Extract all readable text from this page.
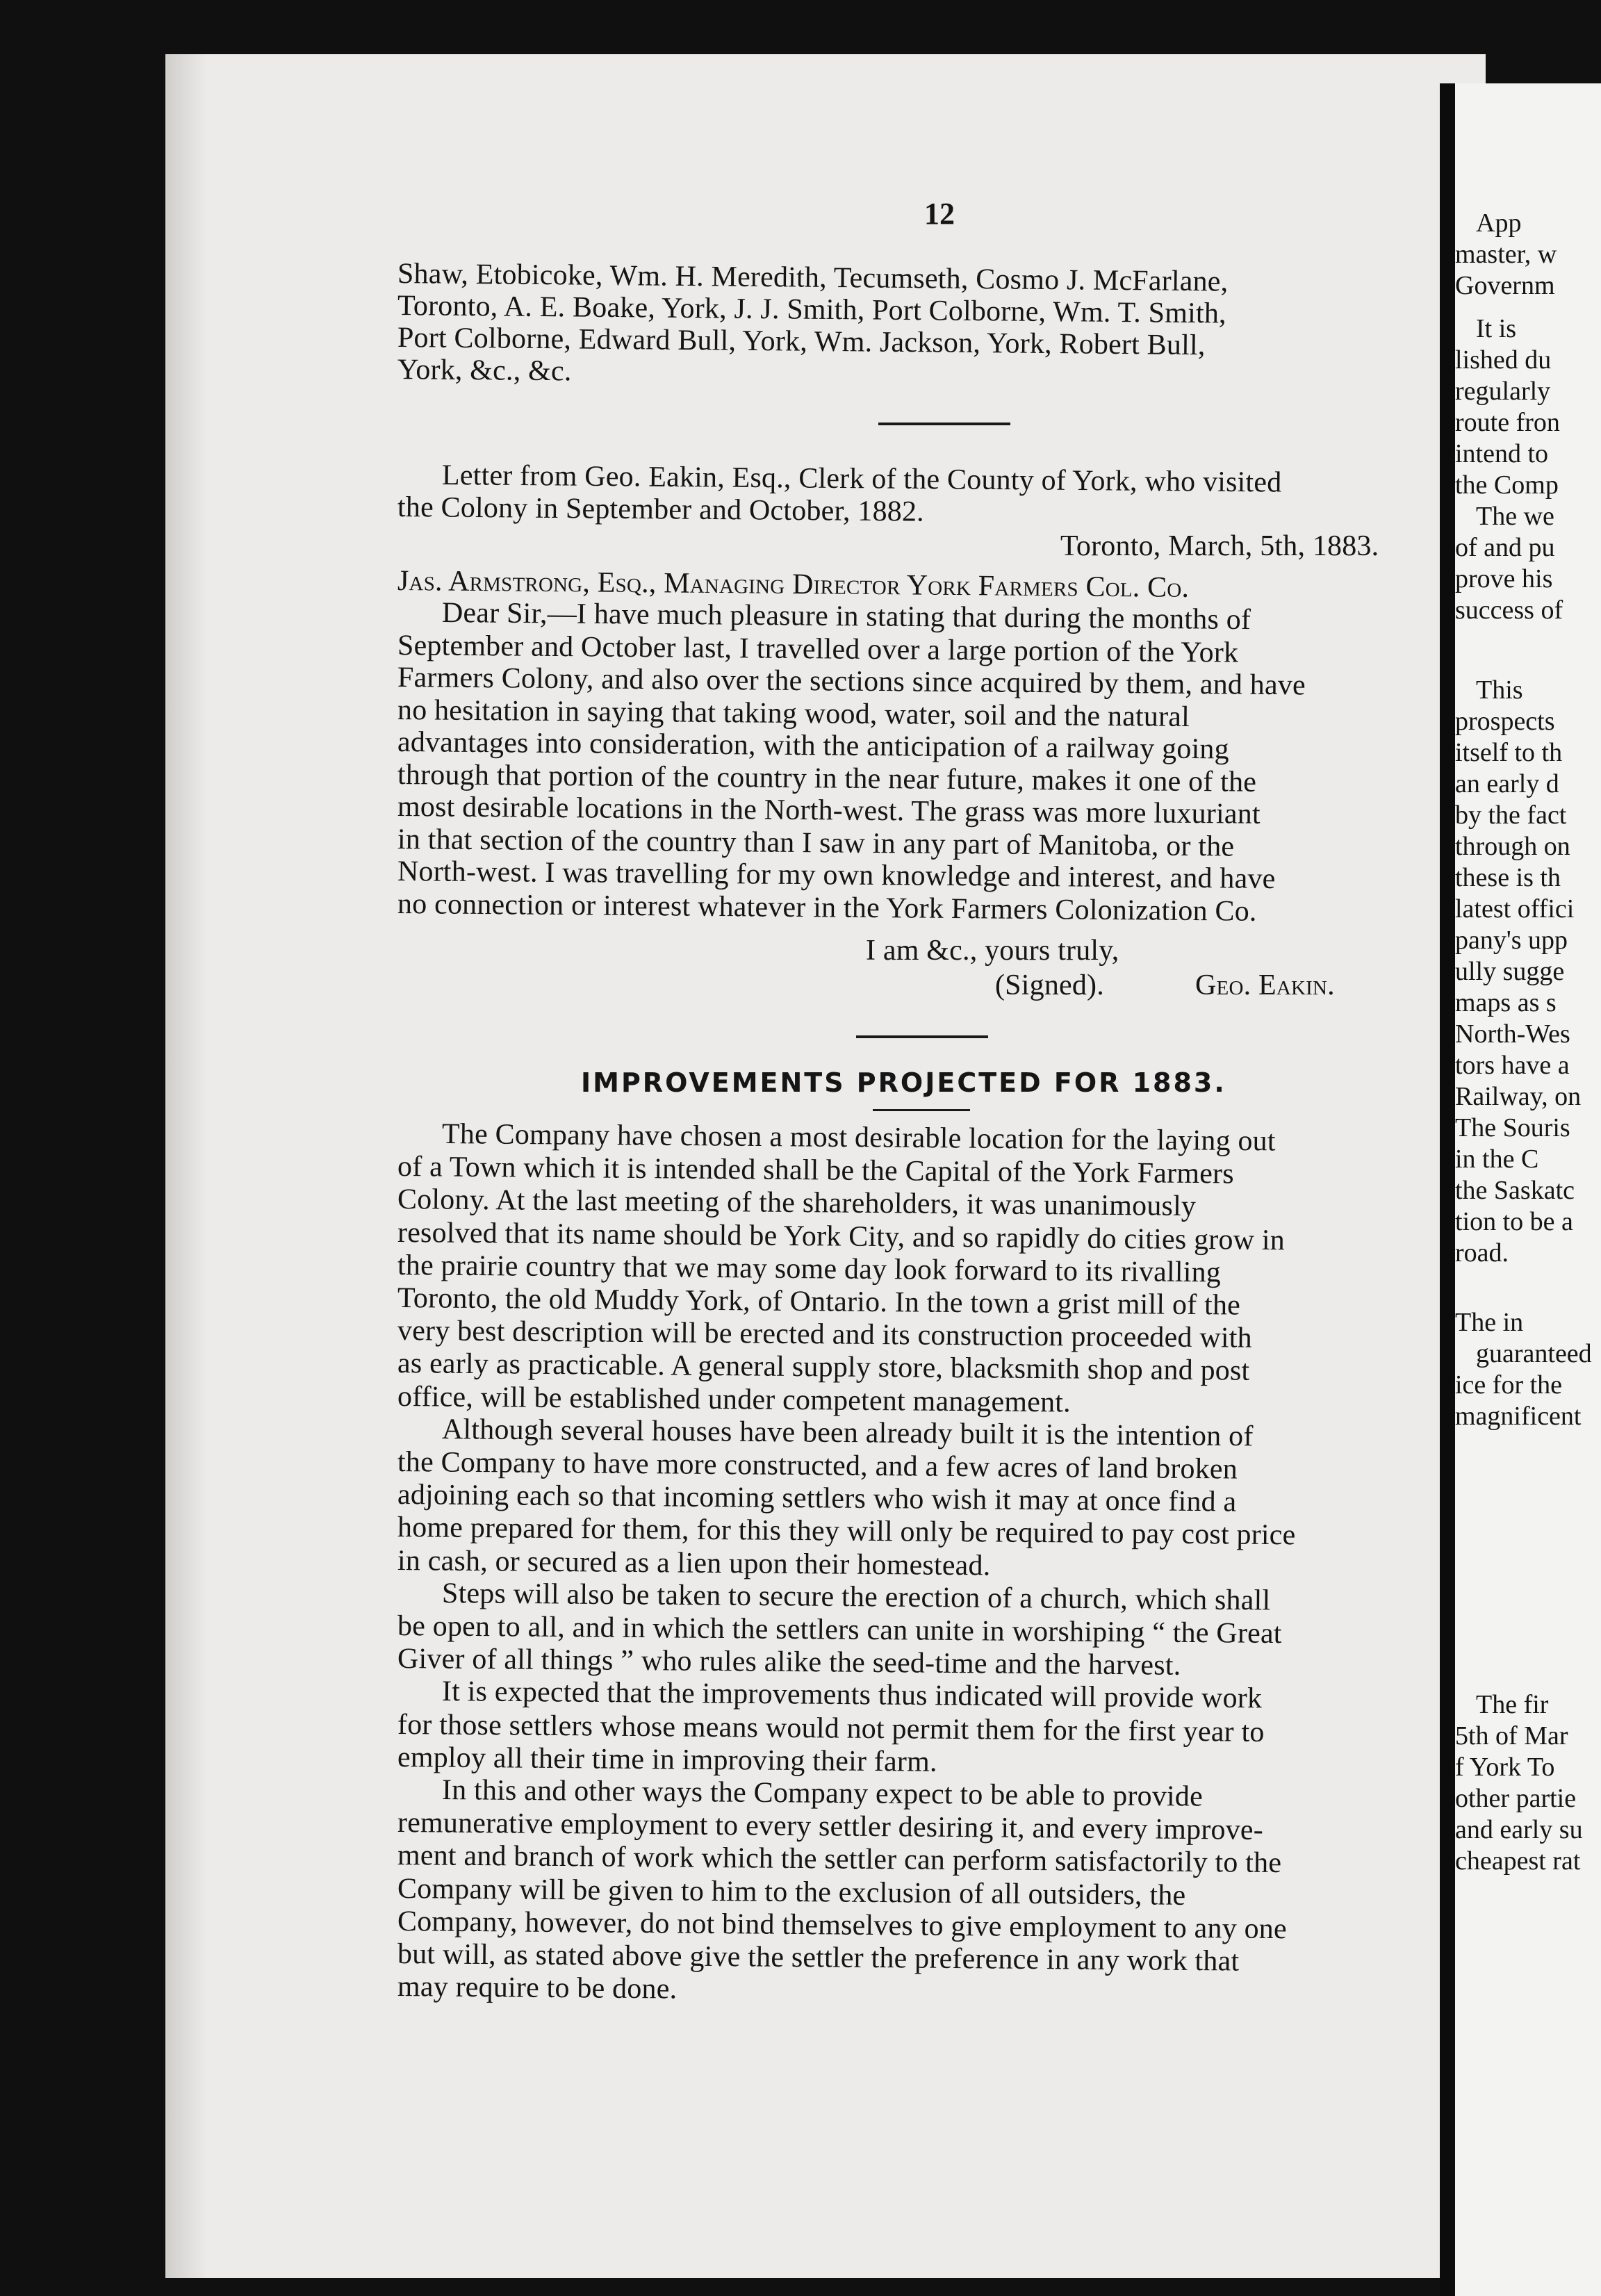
App
master, w
Governm
It is
lished du
regularly
route fron
intend to
the Comp
The we
of and pu
prove his
success of
This
prospects
itself to th
an early d
by the fact
through on
these is th
latest offici
pany's upp
ully sugge
maps as s
North-Wes
tors have a
Railway, on
The Souris
in the C
the Saskatc
tion to be a
road.
The in
guaranteed
ice for the
magnificent
The fir
5th of Mar
f York To
other partie
and early su
cheapest rat
12
Shaw, Etobicoke, Wm. H. Meredith, Tecumseth, Cosmo J. McFarlane,
Toronto, A. E. Boake, York, J. J. Smith, Port Colborne, Wm. T. Smith,
Port Colborne, Edward Bull, York, Wm. Jackson, York, Robert Bull,
York, &c., &c.
Letter from Geo. Eakin, Esq., Clerk of the County of York, who visited
the Colony in September and October, 1882.
Toronto, March, 5th, 1883.
Jas. Armstrong, Esq., Managing Director York Farmers Col. Co.
Dear Sir,—I have much pleasure in stating that during the months of
September and October last, I travelled over a large portion of the York
Farmers Colony, and also over the sections since acquired by them, and have
no hesitation in saying that taking wood, water, soil and the natural
advantages into consideration, with the anticipation of a railway going
through that portion of the country in the near future, makes it one of the
most desirable locations in the North-west. The grass was more luxuriant
in that section of the country than I saw in any part of Manitoba, or the
North-west. I was travelling for my own knowledge and interest, and have
no connection or interest whatever in the York Farmers Colonization Co.
I am &c., yours truly,
(Signed).	Geo. Eakin.
IMPROVEMENTS PROJECTED FOR 1883.
The Company have chosen a most desirable location for the laying out
of a Town which it is intended shall be the Capital of the York Farmers
Colony. At the last meeting of the shareholders, it was unanimously
resolved that its name should be York City, and so rapidly do cities grow in
the prairie country that we may some day look forward to its rivalling
Toronto, the old Muddy York, of Ontario. In the town a grist mill of the
very best description will be erected and its construction proceeded with
as early as practicable. A general supply store, blacksmith shop and post
office, will be established under competent management.
Although several houses have been already built it is the intention of
the Company to have more constructed, and a few acres of land broken
adjoining each so that incoming settlers who wish it may at once find a
home prepared for them, for this they will only be required to pay cost price
in cash, or secured as a lien upon their homestead.
Steps will also be taken to secure the erection of a church, which shall
be open to all, and in which the settlers can unite in worshiping “ the Great
Giver of all things ” who rules alike the seed-time and the harvest.
It is expected that the improvements thus indicated will provide work
for those settlers whose means would not permit them for the first year to
employ all their time in improving their farm.
In this and other ways the Company expect to be able to provide
remunerative employment to every settler desiring it, and every improve-
ment and branch of work which the settler can perform satisfactorily to the
Company will be given to him to the exclusion of all outsiders, the
Company, however, do not bind themselves to give employment to any one
but will, as stated above give the settler the preference in any work that
may require to be done.
